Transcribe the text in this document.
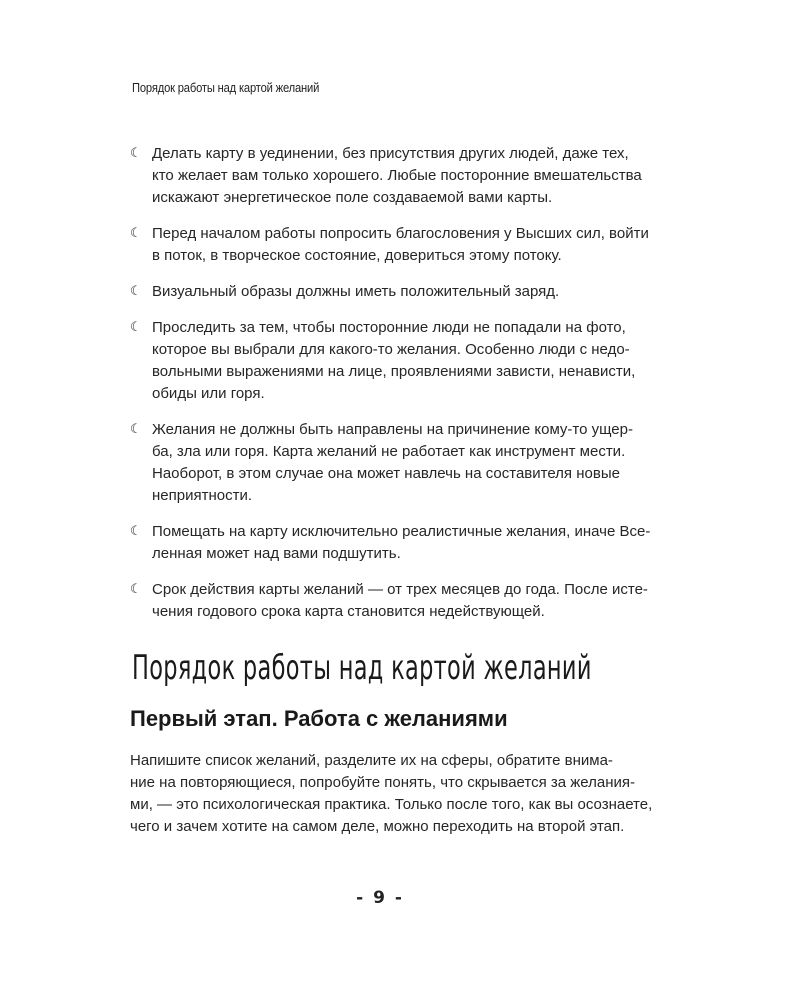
Порядок работы над картой желаний
☾ Делать карту в уединении, без присутствия других людей, даже тех,
кто желает вам только хорошего. Любые посторонние вмешательства
искажают энергетическое поле создаваемой вами карты.
☾ Перед началом работы попросить благословения у Высших сил, войти
в поток, в творческое состояние, довериться этому потоку.
☾ Визуальный образы должны иметь положительный заряд.
☾ Проследить за тем, чтобы посторонние люди не попадали на фото,
которое вы выбрали для какого-то желания. Особенно люди с недо-
вольными выражениями на лице, проявлениями зависти, ненависти,
обиды или горя.
☾ Желания не должны быть направлены на причинение кому-то ущер-
ба, зла или горя. Карта желаний не работает как инструмент мести.
Наоборот, в этом случае она может навлечь на составителя новые
неприятности.
☾ Помещать на карту исключительно реалистичные желания, иначе Все-
ленная может над вами подшутить.
☾ Срок действия карты желаний — от трех месяцев до года. После исте-
чения годового срока карта становится недействующей.
Порядок работы над картой желаний
Первый этап. Работа с желаниями

Напишите список желаний, разделите их на сферы, обратите внима-
ние на повторяющиеся, попробуйте понять, что скрывается за желания-
ми, — это психологическая практика. Только после того, как вы осознаете,
чего и зачем хотите на самом деле, можно переходить на второй этап.

- 9 -
